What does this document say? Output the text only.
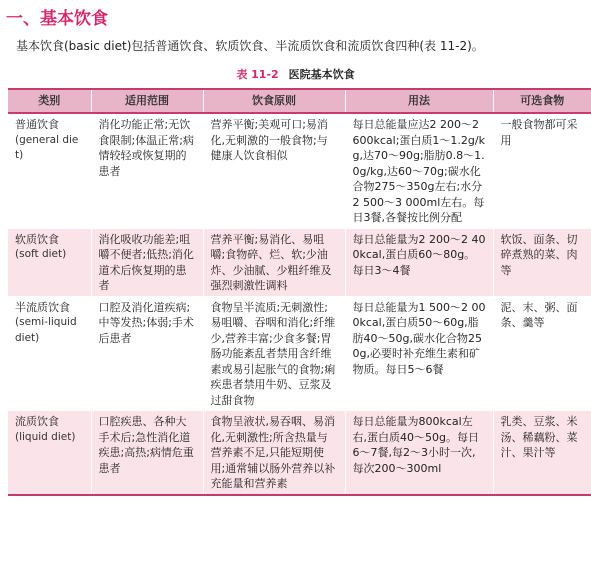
一、基本饮食
基本饮食(basic diet)包括普通饮食、软质饮食、半流质饮食和流质饮食四种(表 11-2)。
表 11-2 医院基本饮食
类别	适用范围	饮食原则	用法	可选食物

普通饮食
(general diet)	消化功能正常;无饮食限制;体温正常;病情较轻或恢复期的患者	营养平衡;美观可口;易消化,无刺激的一般食物;与健康人饮食相似	每日总能量应达2 200～2 600kcal;蛋白质1～1.2g/kg,达70～90g;脂肪0.8～1.0g/kg,达60～70g;碳水化合物275～350g左右;水分2 500～3 000ml左右。每日3餐,各餐按比例分配	一般食物都可采用

软质饮食
(soft diet)	消化吸收功能差;咀嚼不便者;低热;消化道术后恢复期的患者	营养平衡;易消化、易咀嚼;食物碎、烂、软;少油炸、少油腻、少粗纤维及强烈刺激性调料	每日总能量为2 200～2 400kcal,蛋白质60～80g。每日3～4餐	软饭、面条、切碎煮熟的菜、肉等

半流质饮食
(semi-liquid diet)	口腔及消化道疾病;中等发热;体弱;手术后患者	食物呈半流质;无刺激性;易咀嚼、吞咽和消化;纤维少,营养丰富;少食多餐;胃肠功能紊乱者禁用含纤维素或易引起胀气的食物;痢疾患者禁用牛奶、豆浆及过甜食物	每日总能量为1 500～2 000kcal,蛋白质50～60g,脂肪40～50g,碳水化合物250g,必要时补充维生素和矿物质。每日5～6餐	泥、末、粥、面条、羹等

流质饮食
(liquid diet)	口腔疾患、各种大手术后;急性消化道疾患;高热;病情危重患者	食物呈液状,易吞咽、易消化,无刺激性;所含热量与营养素不足,只能短期使用;通常辅以肠外营养以补充能量和营养素	每日总能量为800kcal左右,蛋白质40～50g。每日6～7餐,每2～3小时一次,每次200～300ml	乳类、豆浆、米汤、稀藕粉、菜汁、果汁等
